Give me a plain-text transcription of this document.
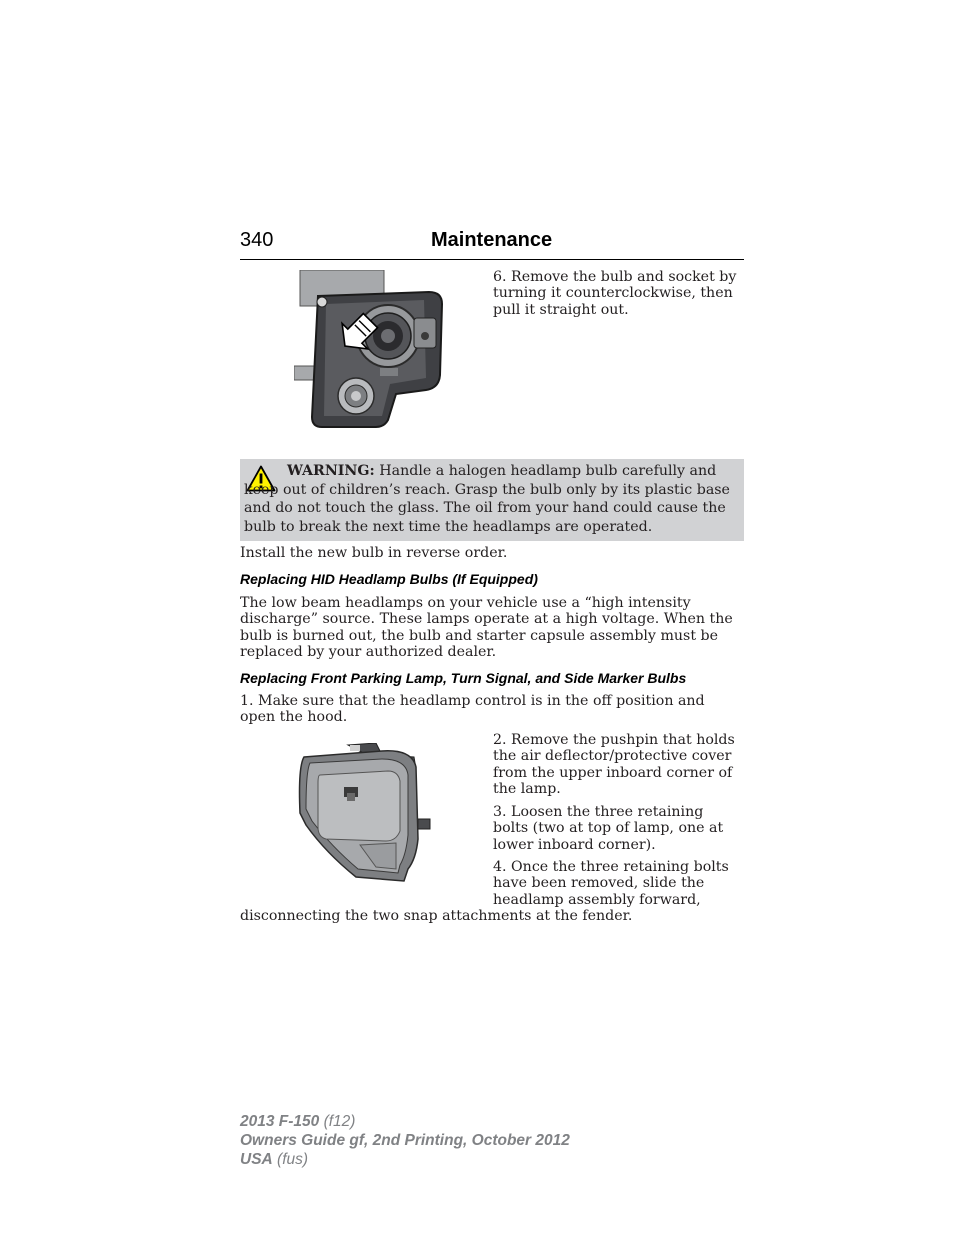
340	Maintenance

6. Remove the bulb and socket by turning it counterclockwise, then pull it straight out.

WARNING: Handle a halogen headlamp bulb carefully and keep out of children’s reach. Grasp the bulb only by its plastic base and do not touch the glass. The oil from your hand could cause the bulb to break the next time the headlamps are operated.

Install the new bulb in reverse order.

Replacing HID Headlamp Bulbs (If Equipped)

The low beam headlamps on your vehicle use a “high intensity discharge” source. These lamps operate at a high voltage. When the bulb is burned out, the bulb and starter capsule assembly must be replaced by your authorized dealer.

Replacing Front Parking Lamp, Turn Signal, and Side Marker Bulbs

1. Make sure that the headlamp control is in the off position and open the hood.

2. Remove the pushpin that holds the air deflector/protective cover from the upper inboard corner of the lamp.

3. Loosen the three retaining bolts (two at top of lamp, one at lower inboard corner).

4. Once the three retaining bolts have been removed, slide the headlamp assembly forward,

disconnecting the two snap attachments at the fender.

2013 F-150 (f12)
Owners Guide gf, 2nd Printing, October 2012
USA (fus)
